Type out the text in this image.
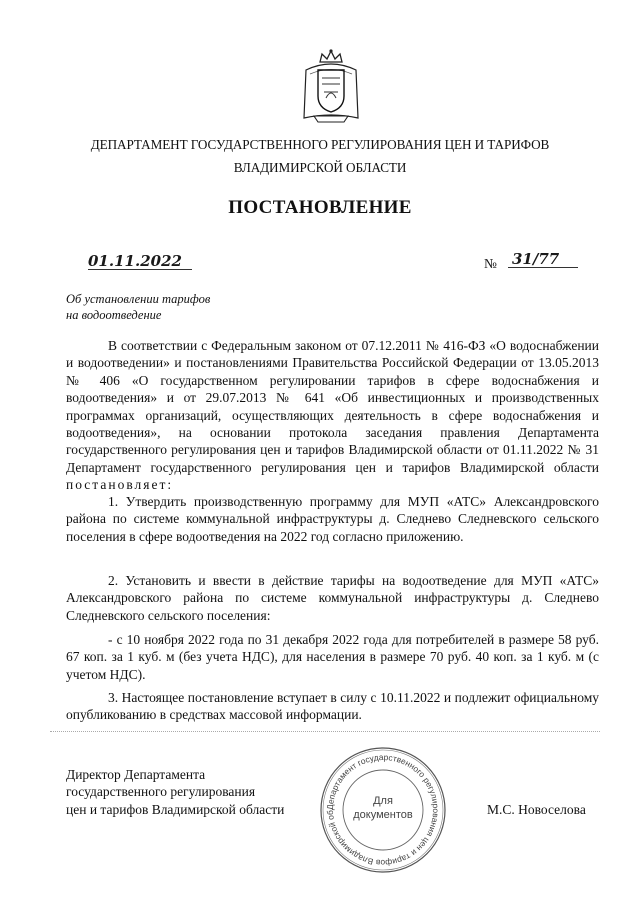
ДЕПАРТАМЕНТ ГОСУДАРСТВЕННОГО РЕГУЛИРОВАНИЯ ЦЕН И ТАРИФОВ
ВЛАДИМИРСКОЙ ОБЛАСТИ
ПОСТАНОВЛЕНИЕ
01.11.2022	№ 31/77
Об установлении тарифов
на водоотведение

В соответствии с Федеральным законом от 07.12.2011 № 416-ФЗ «О водоснабжении и водоотведении» и постановлениями Правительства Российской Федерации от 13.05.2013 № 406 «О государственном регулировании тарифов в сфере водоснабжения и водоотведения» и от 29.07.2013 № 641 «Об инвестиционных и производственных программах организаций, осуществляющих деятельность в сфере водоснабжения и водоотведения», на основании протокола заседания правления Департамента государственного регулирования цен и тарифов Владимирской области от 01.11.2022 № 31 Департамент государственного регулирования цен и тарифов Владимирской области постановляет:

1. Утвердить производственную программу для МУП «АТС» Александровского района по системе коммунальной инфраструктуры д. Следнево Следневского сельского поселения в сфере водоотведения на 2022 год согласно приложению.

2. Установить и ввести в действие тарифы на водоотведение для МУП «АТС» Александровского района по системе коммунальной инфраструктуры д. Следнево Следневского сельского поселения:

- с 10 ноября 2022 года по 31 декабря 2022 года для потребителей в размере 58 руб. 67 коп. за 1 куб. м (без учета НДС), для населения в размере 70 руб. 40 коп. за 1 куб. м (с учетом НДС).

3. Настоящее постановление вступает в силу с 10.11.2022 и подлежит официальному опубликованию в средствах массовой информации.

Директор Департамента
государственного регулирования
цен и тарифов Владимирской области	М.С. Новоселова
Департамент государственного регулирования цен и тарифов Владимирской об
Для
документов
